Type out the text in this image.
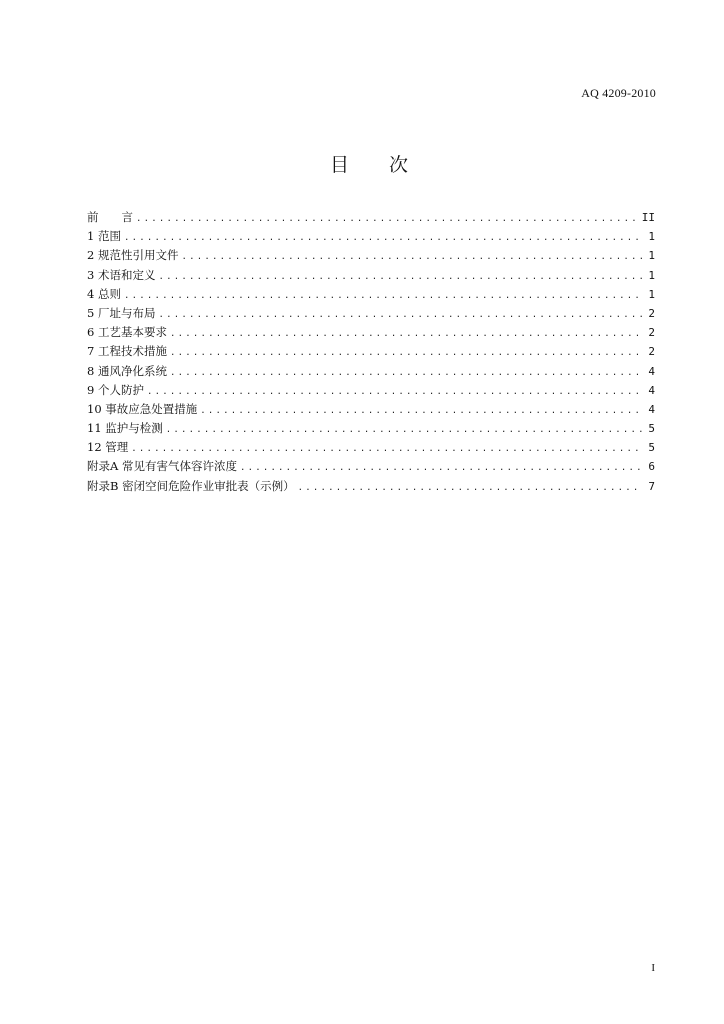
AQ 4209-2010
目 次
前　　言 .....	II
1 范围 .....	1
2 规范性引用文件 .....	1
3 术语和定义 .....	1
4 总则 .....	1
5 厂址与布局 .....	2
6 工艺基本要求 .....	2
7 工程技术措施 .....	2
8 通风净化系统 .....	4
9 个人防护 .....	4
10 事故应急处置措施 .....	4
11 监护与检测 .....	5
12 管理 .....	5
附录A 常见有害气体容许浓度 .....	6
附录B 密闭空间危险作业审批表（示例） .....	7
I
